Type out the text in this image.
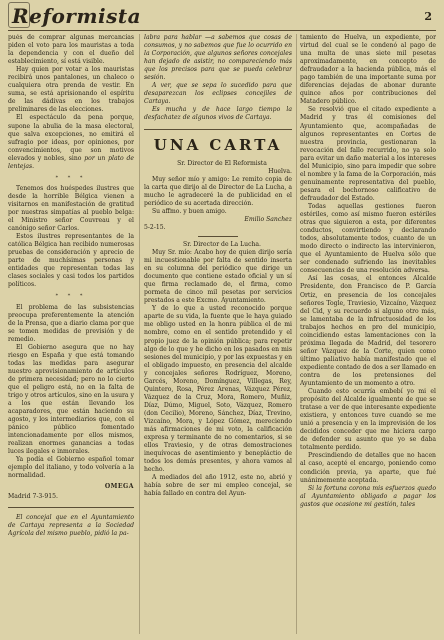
Reformista	2

pués de comprar algunas mercancías piden el voto para los mauristas a toda la dependencia y con el dueño del establecimiento, sí está visible.

Hay quien por votar a los mauristas recibirá unos pantalones, un chaleco o cualquiera otra prenda de vestir. En suma, se está aprisionando el espíritu de las dádivas en los trabajos preliminares de las elecciones.

El espectáculo da pena porque, supone la abulia de la masa electoral, que salva excepciones, no emitirá el sufragio por ideas, por opiniones, por convencimientos, que son motivos elevados y nobles, sino por un plato de lentejas.

* * *

Tenemos dos huéspedes ilustres que desde la horrible Bélgica vienen a visitarnos en manifestación de gratitud por nuestras simpatías al pueblo belga: el Ministro señor Couvreau y el canónigo señor Carlos.

Estos ilustres representantes de la católica Bélgica han recibido numerosas pruebas de consideración y aprecio de parte de muchísimas personas y entidades que representan todas las clases sociales y casi todos los partidos políticos.

* * *

El problema de las subsistencias preocupa preferentemente la atención de la Prensa, que a diario clama por que se tomen medidas de previsión y de remedio.

El Gobierno asegura que no hay riesgo en España y que está tomando todas las medidas para asegurar nuestro aprovisionamiento de artículos de primera necesidad; pero no lo cierto que el peligro está, no en la falta de trigo y otros artículos, sino en la usura y a los que están llevando los acaparadores, que están haciendo su agosto, y los intermediarios que, con el pánico público fomentado intencionadamente por ellos mismos, realizan enormes ganancias a todas luces ilegales e inmorales.

Ya podía el Gobierno español tomar ejemplo del italiano, y todo volvería a la normalidad.

OMEGA
Madrid 7-3-915.

El concejal que en el Ayuntamiento de Cartaya representa a la Sociedad Agrícola del mismo pueblo, pidió la pa-

labra para hablar —a sabemos que cosas de consumos, y no sabemos que fue lo ocurrido en la Corporación, que algunos señores concejales han dejado de asistir, no compareciendo más que los precisos para que se pueda celebrar sesión.

A ver, que se sepa lo sucedido para que desaparezcan los eclipses concejiles de Cartaya.

Es mucha y de hace largo tiempo la desfachatez de algunos vivos de Cartaya.

UNA CARTA

Sr. Director de El Reformista

Huelva.

Muy señor mío y amigo: Le remito copia de la carta que dirijo al de Director de La Lucha, a mucho le agradeceré la de publicidad en el periódico de su acertada dirección.

Su affmo. y buen amigo.

Emilio Sanchez

5-2-15.

Sr. Director de La Lucha.

Muy Sr. mío: Acabo hoy de quien dirijo sería mi incuestionable por falta de sentido inserta en su columna del periódico que dirige un documento que contiene estado oficial y un sí que firma reclamado de, el firma, como pormeta de cinco mil pesetas por servicios prestados a este Excmo. Ayuntamiento.

Y de lo que a usted reconocido porque aparte de su vida, la fuente que le haya guiado me obligo usted en la honra pública el de mi nombre, como en el sentido pretendido y el propio juez de la opinión pública; para repetir algo de lo que y he dicho en los pasados en mis sesiones del municipio, y por las expuestas y en el obligado impuesto, en presencia del alcalde y concejales señores Rodríguez, Moreno, Garcés, Moreno, Domínguez, Villegas, Rey, Quintero, Rosa, Pérez Arenas, Vázquez Pérez, Vázquez de la Cruz, Mora, Romero, Muñiz, Díaz, Dúmo, Miguel, Soto, Vázquez, Romero (don Cecilio), Moreno, Sánchez, Díaz, Trevino, Vizcaíno, Mora, y López Gómez, mereciendo más afirmaciones de mi voto, la calificación expresa y terminante de no comentarios, si se ellos Traviesio, y de otras demostraciones inequívocas de asentimiento y benepláctio de todos los demás presentes, y ahora vamos al hecho.

A mediados del año 1912, este no, abrió y había sobre de ser mi empleo concejal, se había fallado en contra del Ayun-

tamiento de Huelva, un expediente, por virtud del cual se le condenó al pago de una multa de unas siete mil pesetas aproximadamente, en concepto de defraudador a la hacienda pública, más el pago también de una importante suma por diferencias dejadas de abonar durante quince años por contribuciones del Matadero público.

Se resolvió que el citado expediente a Madrid y tras él comisiones del Ayuntamiento que, acompañadas de algunos representantes en Cortes de nuestra provincia, gestionaran la revocación del fallo recurrido, no ya solo para evitar un daño material a los intereses del Municipio, sino para impedir que sobre el nombre y la fama de la Corporación, más genuinamente representativa del pueblo, pesara el bochornoso calificativo de defraudador del Estado.

Todas aquellas gestiones fueron estériles, como así mismo fueron estériles otras que siguieron a esta, por diferentes conductos, convirtiendo y declarando todos, absolutamente todos, cuanto de un modo directo o indirecto las intervinieron, que el Ayuntamiento de Huelva sólo que ser condenado sufriendo las inevitables consecuencias de una resolución adversa.

Así las cosas, el entonces Alcalde Presidente, don Francisco de P. García Ortiz, en presencia de los concejales señores Togle, Traviesio, Vizcaíno, Vázquez del Cid, y su recuerdo si alguno otro más, se lamentaba de la infructuosidad de los trabajos hechos en pro del municipio, coincidiendo estas lamentaciones con la próxima llegada de Madrid, del tesorero señor Vázquez de la Corte, quien como último paliativo había manifestado que el expediente contado de dos a ser llamado en contra de los pretensiones del Ayuntamiento de un momento a otro.

Cuando esto ocurría embebí yo mi el propósito del Alcalde igualmente de que se tratase a ver de que interesante expediente existiera, y entonces tuve cuando se me unió a presencia y en la imprevisión de los decididos conceder que me hiciera cargo de defender su asunto que yo se daba totalmente perdido.

Prescindiendo de detalles que no hacen al caso, acepté el encargo, poniendo como condición previa, ya aparte, que fué unánimemente aceptada.

Si la fortuna corona mis esfuerzos quedo al Ayuntamiento obligado a pagar los gastos que ocasione mi gestión, tales
